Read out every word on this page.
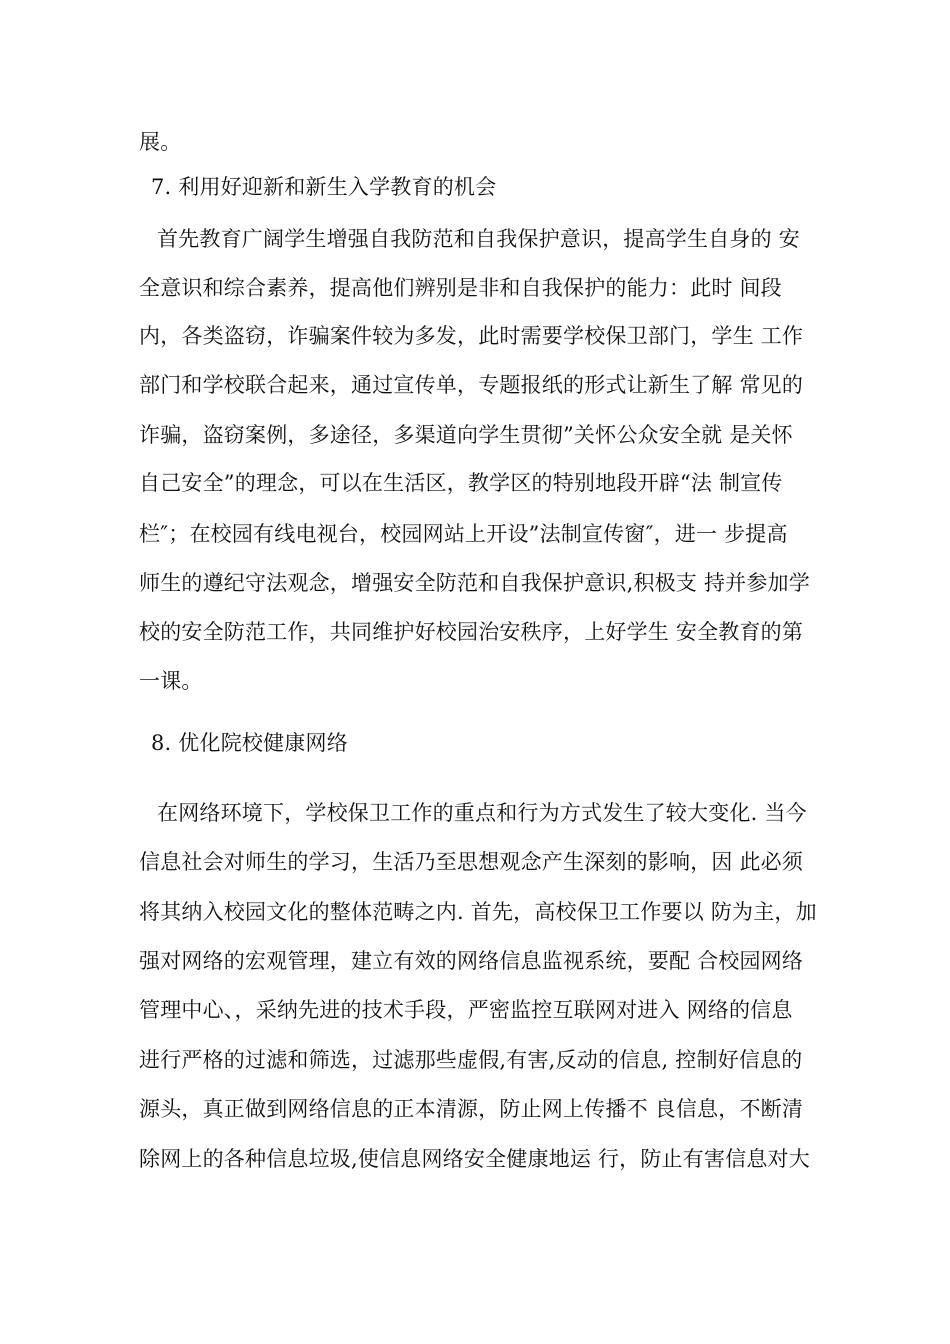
展。
7. 利用好迎新和新生入学教育的机会
首先教育广阔学生增强自我防范和自我保护意识，提高学生自身的 安
全意识和综合素养，提高他们辨别是非和自我保护的能力：此时 间段
内，各类盗窃，诈骗案件较为多发，此时需要学校保卫部门，学生 工作
部门和学校联合起来，通过宣传单，专题报纸的形式让新生了解 常见的
诈骗，盗窃案例，多途径，多渠道向学生贯彻”关怀公众安全就 是关怀
自己安全”的理念，可以在生活区，教学区的特别地段开辟“法 制宣传
栏″；在校园有线电视台，校园网站上开设”法制宣传窗″，进一 步提高
师生的遵纪守法观念，增强安全防范和自我保护意识,积极支 持并参加学
校的安全防范工作，共同维护好校园治安秩序，上好学生 安全教育的第
一课。
8. 优化院校健康网络
在网络环境下，学校保卫工作的重点和行为方式发生了较大变化. 当今
信息社会对师生的学习，生活乃至思想观念产生深刻的影响，因 此必须
将其纳入校园文化的整体范畴之内. 首先，高校保卫工作要以 防为主，加
强对网络的宏观管理，建立有效的网络信息监视系统，要配 合校园网络
管理中心、，采纳先进的技术手段，严密监控互联网对进入 网络的信息
进行严格的过滤和筛选，过滤那些虚假,有害,反动的信息, 控制好信息的
源头，真正做到网络信息的正本清源，防止网上传播不 良信息，不断清
除网上的各种信息垃圾,使信息网络安全健康地运 行，防止有害信息对大
